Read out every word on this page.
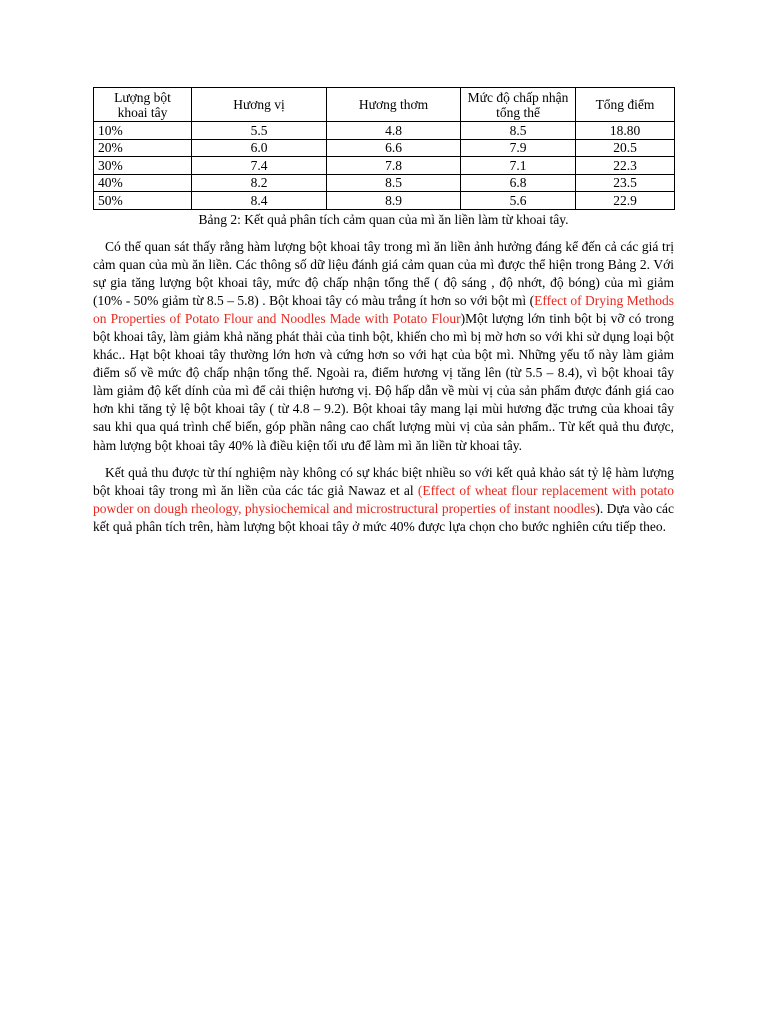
Lượng bột khoai tây	Hương vị	Hương thơm	Mức độ chấp nhận tổng thể	Tổng điểm
10%	5.5	4.8	8.5	18.80
20%	6.0	6.6	7.9	20.5
30%	7.4	7.8	7.1	22.3
40%	8.2	8.5	6.8	23.5
50%	8.4	8.9	5.6	22.9
Bảng 2: Kết quả phân tích cảm quan của mì ăn liền làm từ khoai tây.

Có thể quan sát thấy rằng hàm lượng bột khoai tây trong mì ăn liền ảnh hưởng đáng kể đến cả các giá trị cảm quan của mù ăn liền. Các thông số dữ liệu đánh giá cảm quan của mì được thể hiện trong Bảng 2. Với sự gia tăng lượng bột khoai tây, mức độ chấp nhận tổng thể ( độ sáng , độ nhớt, độ bóng) của mì giảm (10% - 50% giảm từ 8.5 – 5.8) . Bột khoai tây có màu trắng ít hơn so với bột mì (Effect of Drying Methods on Properties of Potato Flour and Noodles Made with Potato Flour)Một lượng lớn tinh bột bị vỡ có trong bột khoai tây, làm giảm khả năng phát thải của tinh bột, khiến cho mì bị mờ hơn so với khi sử dụng loại bột khác.. Hạt bột khoai tây thường lớn hơn và cứng hơn so với hạt của bột mì. Những yếu tố này làm giảm điểm số về mức độ chấp nhận tổng thể. Ngoài ra, điểm hương vị tăng lên (từ 5.5 – 8.4), vì bột khoai tây làm giảm độ kết dính của mì để cải thiện hương vị. Độ hấp dẫn về mùi vị của sản phẩm được đánh giá cao hơn khi tăng tỷ lệ bột khoai tây ( từ 4.8 – 9.2). Bột khoai tây mang lại mùi hương đặc trưng của khoai tây sau khi qua quá trình chế biến, góp phần nâng cao chất lượng mùi vị của sản phẩm.. Từ kết quả thu được, hàm lượng bột khoai tây 40% là điều kiện tối ưu để làm mì ăn liền từ khoai tây.

Kết quả thu được từ thí nghiệm này không có sự khác biệt nhiều so với kết quả khảo sát tỷ lệ hàm lượng bột khoai tây trong mì ăn liền của các tác giả Nawaz et al (Effect of wheat flour replacement with potato powder on dough rheology, physiochemical and microstructural properties of instant noodles). Dựa vào các kết quả phân tích trên, hàm lượng bột khoai tây ở mức 40% được lựa chọn cho bước nghiên cứu tiếp theo.
